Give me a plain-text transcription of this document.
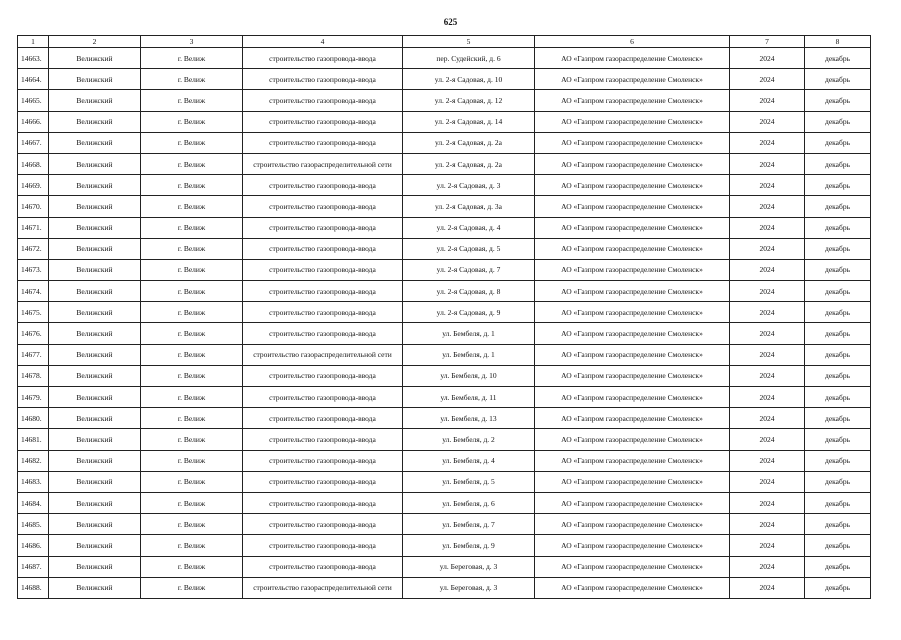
625
1	2	3	4	5	6	7	8
14663.	Велижский	г. Велиж	строительство газопровода-ввода	пер. Судейский, д. 6	АО «Газпром газораспределение Смоленск»	2024	декабрь
14664.	Велижский	г. Велиж	строительство газопровода-ввода	ул. 2-я Садовая, д. 10	АО «Газпром газораспределение Смоленск»	2024	декабрь
14665.	Велижский	г. Велиж	строительство газопровода-ввода	ул. 2-я Садовая, д. 12	АО «Газпром газораспределение Смоленск»	2024	декабрь
14666.	Велижский	г. Велиж	строительство газопровода-ввода	ул. 2-я Садовая, д. 14	АО «Газпром газораспределение Смоленск»	2024	декабрь
14667.	Велижский	г. Велиж	строительство газопровода-ввода	ул. 2-я Садовая, д. 2а	АО «Газпром газораспределение Смоленск»	2024	декабрь
14668.	Велижский	г. Велиж	строительство газораспределительной сети	ул. 2-я Садовая, д. 2а	АО «Газпром газораспределение Смоленск»	2024	декабрь
14669.	Велижский	г. Велиж	строительство газопровода-ввода	ул. 2-я Садовая, д. 3	АО «Газпром газораспределение Смоленск»	2024	декабрь
14670.	Велижский	г. Велиж	строительство газопровода-ввода	ул. 2-я Садовая, д. 3а	АО «Газпром газораспределение Смоленск»	2024	декабрь
14671.	Велижский	г. Велиж	строительство газопровода-ввода	ул. 2-я Садовая, д. 4	АО «Газпром газораспределение Смоленск»	2024	декабрь
14672.	Велижский	г. Велиж	строительство газопровода-ввода	ул. 2-я Садовая, д. 5	АО «Газпром газораспределение Смоленск»	2024	декабрь
14673.	Велижский	г. Велиж	строительство газопровода-ввода	ул. 2-я Садовая, д. 7	АО «Газпром газораспределение Смоленск»	2024	декабрь
14674.	Велижский	г. Велиж	строительство газопровода-ввода	ул. 2-я Садовая, д. 8	АО «Газпром газораспределение Смоленск»	2024	декабрь
14675.	Велижский	г. Велиж	строительство газопровода-ввода	ул. 2-я Садовая, д. 9	АО «Газпром газораспределение Смоленск»	2024	декабрь
14676.	Велижский	г. Велиж	строительство газопровода-ввода	ул. Бембеля, д. 1	АО «Газпром газораспределение Смоленск»	2024	декабрь
14677.	Велижский	г. Велиж	строительство газораспределительной сети	ул. Бембеля, д. 1	АО «Газпром газораспределение Смоленск»	2024	декабрь
14678.	Велижский	г. Велиж	строительство газопровода-ввода	ул. Бембеля, д. 10	АО «Газпром газораспределение Смоленск»	2024	декабрь
14679.	Велижский	г. Велиж	строительство газопровода-ввода	ул. Бембеля, д. 11	АО «Газпром газораспределение Смоленск»	2024	декабрь
14680.	Велижский	г. Велиж	строительство газопровода-ввода	ул. Бембеля, д. 13	АО «Газпром газораспределение Смоленск»	2024	декабрь
14681.	Велижский	г. Велиж	строительство газопровода-ввода	ул. Бембеля, д. 2	АО «Газпром газораспределение Смоленск»	2024	декабрь
14682.	Велижский	г. Велиж	строительство газопровода-ввода	ул. Бембеля, д. 4	АО «Газпром газораспределение Смоленск»	2024	декабрь
14683.	Велижский	г. Велиж	строительство газопровода-ввода	ул. Бембеля, д. 5	АО «Газпром газораспределение Смоленск»	2024	декабрь
14684.	Велижский	г. Велиж	строительство газопровода-ввода	ул. Бембеля, д. 6	АО «Газпром газораспределение Смоленск»	2024	декабрь
14685.	Велижский	г. Велиж	строительство газопровода-ввода	ул. Бембеля, д. 7	АО «Газпром газораспределение Смоленск»	2024	декабрь
14686.	Велижский	г. Велиж	строительство газопровода-ввода	ул. Бембеля, д. 9	АО «Газпром газораспределение Смоленск»	2024	декабрь
14687.	Велижский	г. Велиж	строительство газопровода-ввода	ул. Береговая, д. 3	АО «Газпром газораспределение Смоленск»	2024	декабрь
14688.	Велижский	г. Велиж	строительство газораспределительной сети	ул. Береговая, д. 3	АО «Газпром газораспределение Смоленск»	2024	декабрь
